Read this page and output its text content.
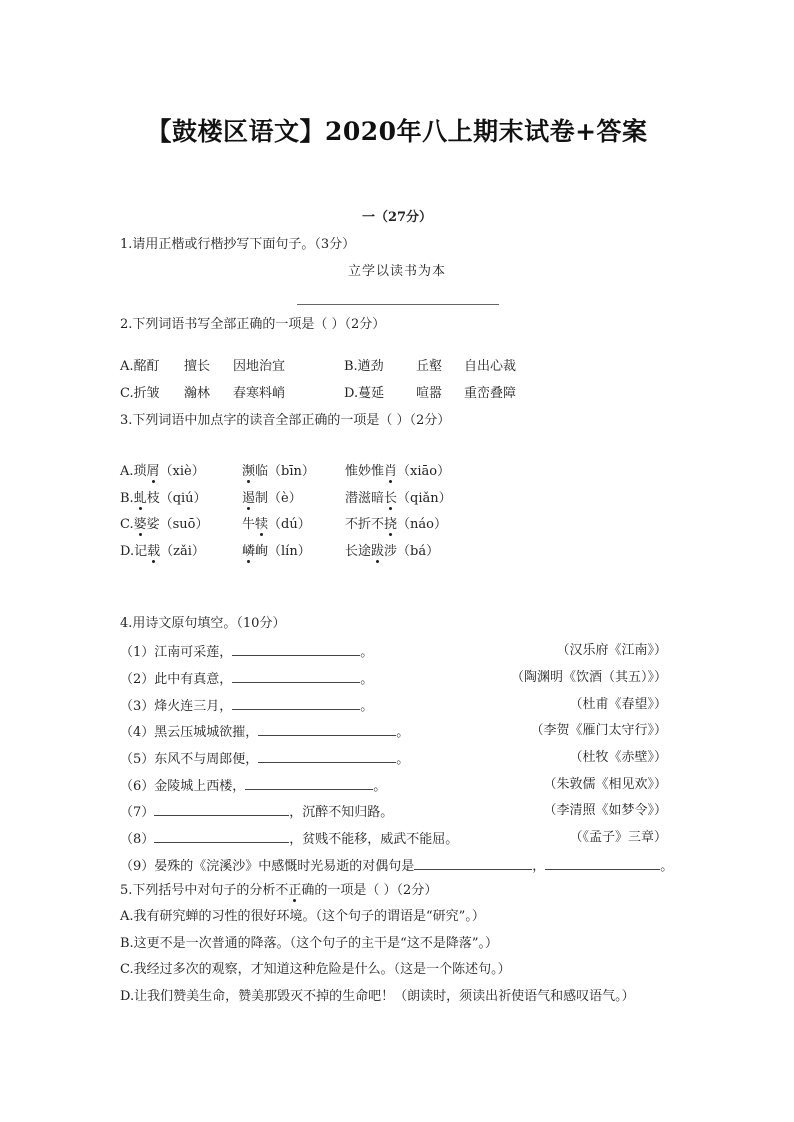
【鼓楼区语文】2020年八上期末试卷+答案
一（27分）
1.请用正楷或行楷抄写下面句子。（3分）
立学以读书为本
2.下列词语书写全部正确的一项是（ ）（2分）
A.酩酊 擅长 因地治宜	B.遒劲 丘壑 自出心裁
C.折皱 瀚林 春寒料峭	D.蔓延 喧嚣 重峦叠障
3.下列词语中加点字的读音全部正确的一项是（ ）（2分）
A.琐屑（xiè）	濒临（bīn） 惟妙惟肖（xiāo）
B.虬枝（qiú）	遏制（è）	潜滋暗长（qiǎn）
C.婆娑（suō）	牛犊（dú）	不折不挠（náo）
D.记载（zǎi）	嶙峋（lín）	长途跋涉（bá）
4.用诗文原句填空。（10分）
（1）江南可采莲，	。	（汉乐府《江南》）
（2）此中有真意，	。	（陶渊明《饮酒（其五）》）
（3）烽火连三月，	。	（杜甫《春望》）
（4）黑云压城城欲摧，	。	（李贺《雁门太守行》）
（5）东风不与周郎便，	。	（杜牧《赤壁》）
（6）金陵城上西楼，	。	（朱敦儒《相见欢》）
（7）	，沉醉不知归路。	（李清照《如梦令》）
（8）	，贫贱不能移，威武不能屈。	（《孟子》三章）
（9）晏殊的《浣溪沙》中感慨时光易逝的对偶句是	，	。
5.下列括号中对句子的分析不正确的一项是（ ）（2分）
A.我有研究蝉的习性的很好环境。（这个句子的谓语是“研究”。）
B.这更不是一次普通的降落。（这个句子的主干是“这不是降落”。）
C.我经过多次的观察，才知道这种危险是什么。（这是一个陈述句。）
D.让我们赞美生命，赞美那毁灭不掉的生命吧！（朗读时，须读出祈使语气和感叹语气。）
